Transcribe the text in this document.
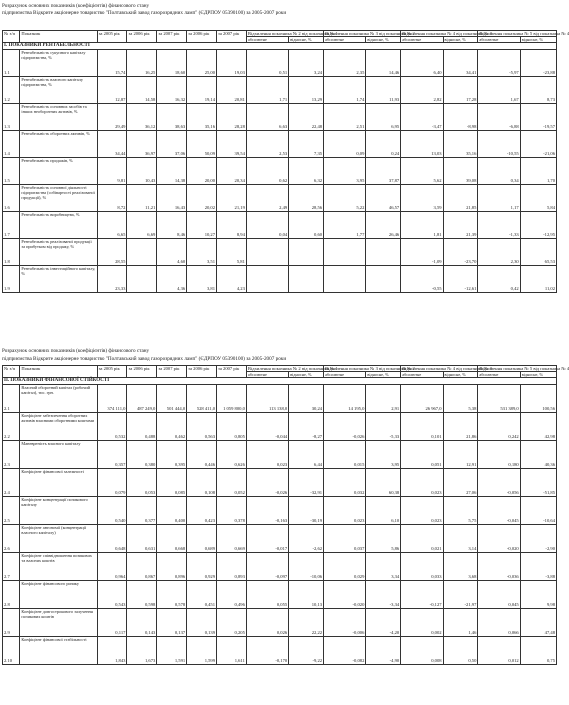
Розрахунок основних показників (коефіцієнтів) фінансового стану
підприємства Відкрите акціонерне товариство "Полтавський завод газорозрядних ламп" (ЄДРПОУ 05390100) за 2005-2007 роки
№ з/п	Показник	за 2005 рік	за 2006 рік	за 2007 рік	за 2006 рік	за 2007 рік	Відхилення показника № 2 від показника № 1		Відхилення показника № 3 від показника № 2		Відхилення показника № 4 від показника № 3		Відхилення показника № 5 від показника № 4	
							абсолютне	відносне, %	абсолютне	відносне, %	абсолютне	відносне, %	абсолютне	відносне, %
I. ПОКАЗНИКИ РЕНТАБЕЛЬНОСТІ														
1.1	Рентабельність сукупного капіталу підприємства, %	15,74	16,25	18,60	25,00	19,03	0,51	3,24	2,35	14,46	6,40	34,41	-5,97	-23,88
1.2	Рентабельність власного капіталу підприємства, %	12,87	14,58	16,32	19,14	20,81	1,71	13,29	1,74	11,93	2,82	17,28	1,67	8,73
1.3	Рентабельність основних засобів та інших необоротних активів, %	29,49	36,12	38,63	35,16	28,28	6,63	22,48	2,51	6,95	-3,47	-8,98	-6,88	-19,57
1.4	Рентабельність оборотних активів, %	34,44	36,97	37,06	50,09	39,54	2,53	7,35	0,09	0,24	13,03	35,16	-10,55	-21,06
1.5	Рентабельність продажів, %	9,81	10,43	14,38	20,00	20,34	0,62	6,32	3,95	37,87	5,62	39,08	0,34	1,70
1.6	Рентабельність основної діяльності підприємства (собівартості реалізованої продукції), %	8,72	11,21	16,43	20,02	21,19	2,49	28,56	5,22	46,57	3,59	21,85	1,17	5,84
1.7	Рентабельність виробництва, %	6,65	6,69	8,46	10,27	8,94	0,04	0,60	1,77	26,46	1,81	21,39	-1,33	-12,95
1.8	Рентабельність реалізованої продукції за прибутком від продажу, %	28,55		4,60	3,51	5,81					-1,09	-23,70	2,30	65,53
1.9	Рентабельність інвестиційного капіталу, %	23,33		4,36	3,81	4,23					-0,55	-12,61	0,42	11,02
Розрахунок основних показників (коефіцієнтів) фінансового стану
підприємства Відкрите акціонерне товариство "Полтавський завод газорозрядних ламп" (ЄДРПОУ 05390100) за 2005-2007 роки
№ з/п	Показник	за 2005 рік	за 2006 рік	за 2007 рік	за 2006 рік	за 2007 рік	Відхилення показника № 2 від показника № 1		Відхилення показника № 3 від показника № 2		Відхилення показника № 4 від показника № 3		Відхилення показника № 5 від показника № 4	
							абсолютне	відносне, %	абсолютне	відносне, %	абсолютне	відносне, %	абсолютне	відносне, %
II. ПОКАЗНИКИ ФІНАНСОВОЇ СТІЙКОСТІ														
2.1	Власний оборотний капітал (робочий капітал), тис. грн.	374 111,0	487 249,0	501 444,0	528 411,0	1 059 800,0	113 138,0	30,24	14 195,0	2,91	26 967,0	5,38	531 389,0	100,56
2.2	Коефіцієнт забезпечення оборотних активів власними оборотними коштами	0,532	0,488	0,462	0,563	0,805	-0,044	-8,27	-0,026	-5,33	0,101	21,86	0,242	42,98
2.3	Маневреність власного капіталу	0,357	0,380	0,395	0,446	0,626	0,023	6,44	0,015	3,95	0,051	12,91	0,180	40,36
2.4	Коефіцієнт фінансової залежності	0,079	0,053	0,085	0,108	0,052	-0,026	-32,91	0,032	60,38	0,023	27,06	-0,056	-51,85
2.5	Коефіцієнт концентрації позикового капіталу	0,540	0,377	0,400	0,423	0,378	-0,163	-30,19	0,023	6,10	0,023	5,75	-0,045	-10,64
2.6	Коефіцієнт автономії (концентрації власного капіталу)	0,648	0,631	0,668	0,689	0,669	-0,017	-2,62	0,037	5,86	0,021	3,14	-0,020	-2,90
2.7	Коефіцієнт співвідношення позикових та власних коштів	0,964	0,867	0,896	0,929	0,893	-0,097	-10,06	0,029	3,34	0,033	3,68	-0,036	-3,88
2.8	Коефіцієнт фінансового ризику	0,543	0,598	0,578	0,451	0,496	0,055	10,13	-0,020	-3,34	-0,127	-21,97	0,045	9,98
2.9	Коефіцієнт довгострокового залучення позикових коштів	0,117	0,143	0,137	0,139	0,205	0,026	22,22	-0,006	-4,20	0,002	1,46	0,066	47,48
2.10	Коефіцієнт фінансової стабільності	1,843	1,673	1,591	1,599	1,611	-0,170	-9,22	-0,082	-4,90	0,008	0,50	0,012	0,75
